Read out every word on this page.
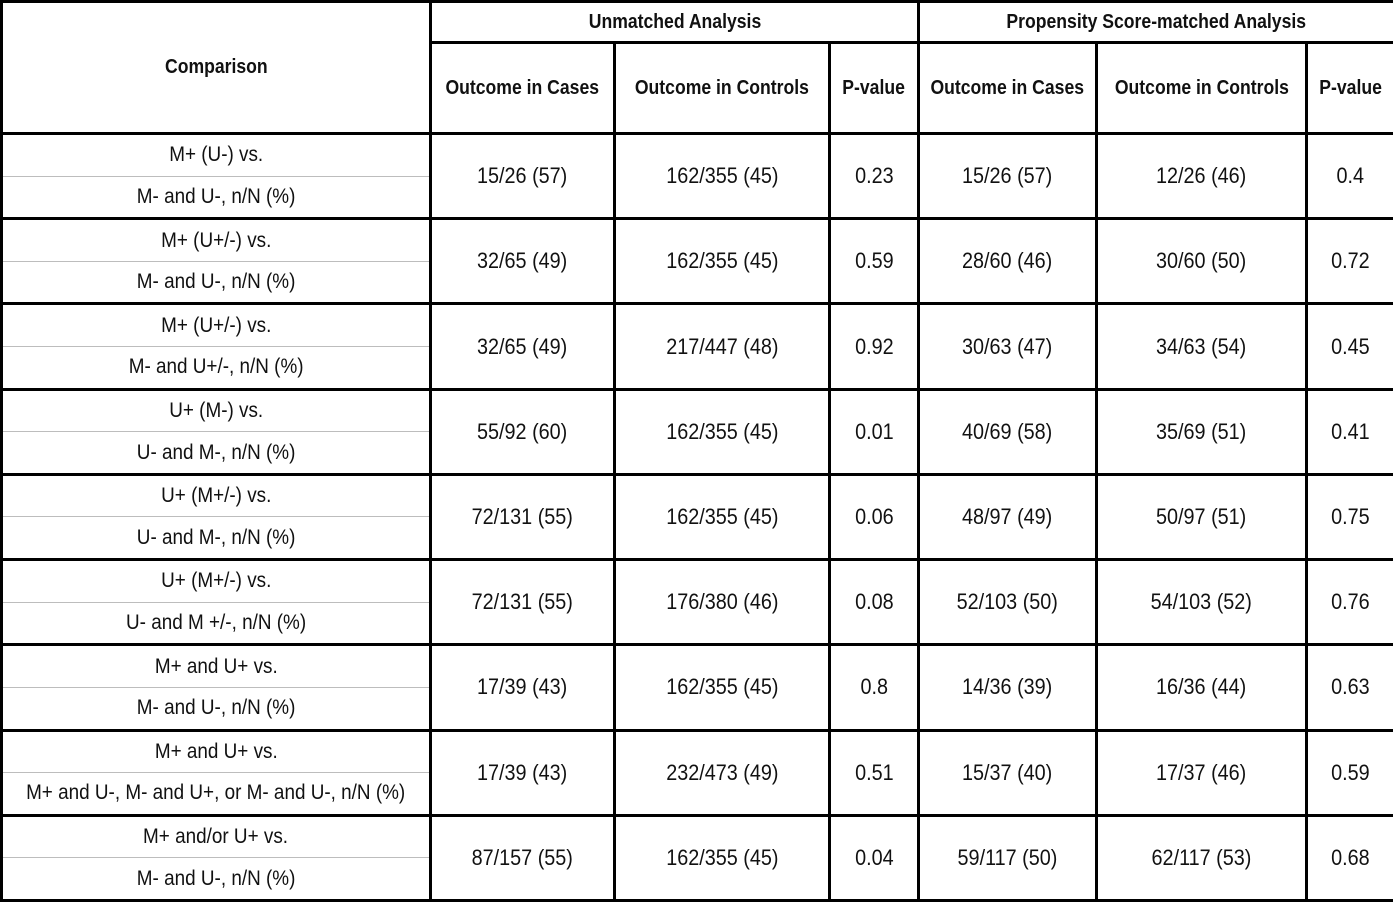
Comparison	Unmatched Analysis			Propensity Score-matched Analysis		
	Outcome in Cases	Outcome in Controls	P-value	Outcome in Cases	Outcome in Controls	P-value

M+ (U-) vs.
M- and U-, n/N (%)	15/26 (57)	162/355 (45)	0.23	15/26 (57)	12/26 (46)	0.4

M+ (U+/-) vs.
M- and U-, n/N (%)	32/65 (49)	162/355 (45)	0.59	28/60 (46)	30/60 (50)	0.72

M+ (U+/-) vs.
M- and U+/-, n/N (%)	32/65 (49)	217/447 (48)	0.92	30/63 (47)	34/63 (54)	0.45

U+ (M-) vs.
U- and M-, n/N (%)	55/92 (60)	162/355 (45)	0.01	40/69 (58)	35/69 (51)	0.41

U+ (M+/-) vs.
U- and M-, n/N (%)	72/131 (55)	162/355 (45)	0.06	48/97 (49)	50/97 (51)	0.75

U+ (M+/-) vs.
U- and M +/-, n/N (%)	72/131 (55)	176/380 (46)	0.08	52/103 (50)	54/103 (52)	0.76

M+ and U+ vs.
M- and U-, n/N (%)	17/39 (43)	162/355 (45)	0.8	14/36 (39)	16/36 (44)	0.63

M+ and U+ vs.
M+ and U-, M- and U+, or M- and U-, n/N (%)	17/39 (43)	232/473 (49)	0.51	15/37 (40)	17/37 (46)	0.59

M+ and/or U+ vs.
M- and U-, n/N (%)	87/157 (55)	162/355 (45)	0.04	59/117 (50)	62/117 (53)	0.68
